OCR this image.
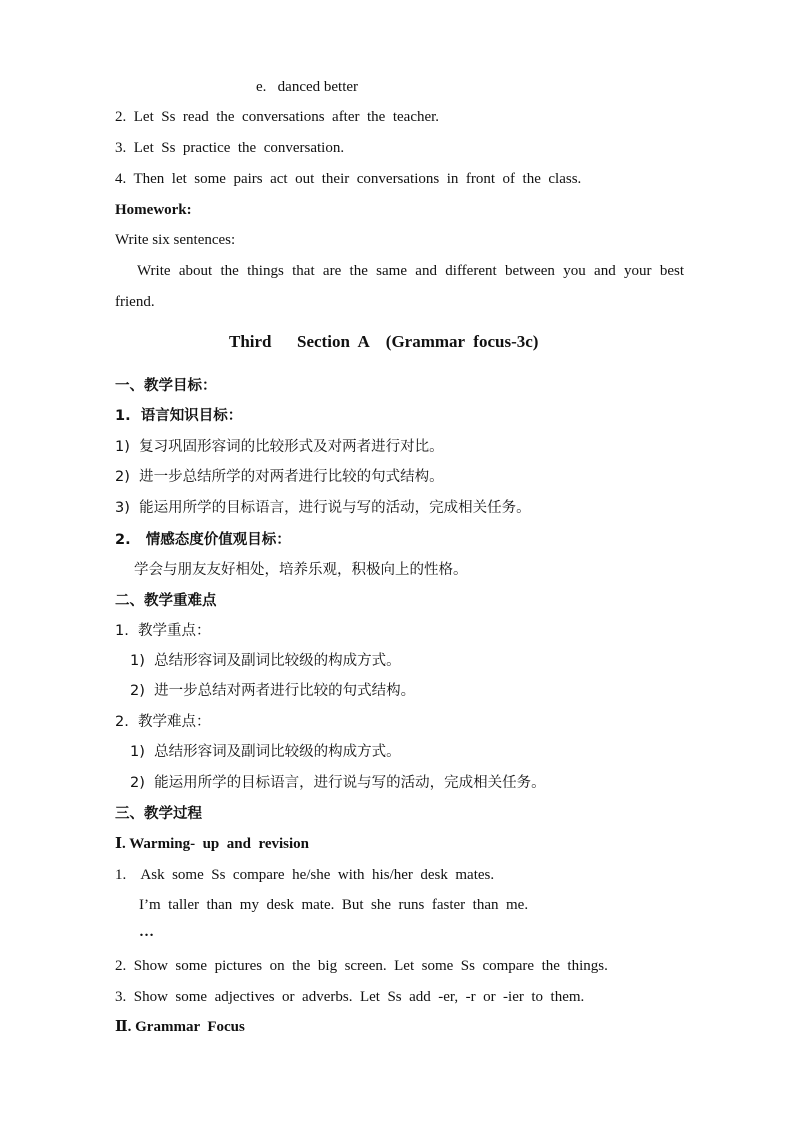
e.   danced better
2.  Let  Ss  read  the  conversations  after  the  teacher.
3.  Let  Ss  practice  the  conversation.
4.  Then  let  some  pairs  act  out  their  conversations  in  front  of  the  class.
Homework:
Write six sentences:
Write about the things that are the same and different between you and your best
friend.
Third      Section  A    (Grammar  focus-3c)
一、教学目标：
1.  语言知识目标：
1)  复习巩固形容词的比较形式及对两者进行对比。
2)  进一步总结所学的对两者进行比较的句式结构。
3)  能运用所学的目标语言，进行说与写的活动，完成相关任务。
2.   情感态度价值观目标：
学会与朋友友好相处，培养乐观，积极向上的性格。
二、教学重难点
1.  教学重点：
1)  总结形容词及副词比较级的构成方式。
2)  进一步总结对两者进行比较的句式结构。
2.  教学难点：
1)  总结形容词及副词比较级的构成方式。
2)  能运用所学的目标语言，进行说与写的活动，完成相关任务。
三、教学过程
Ⅰ. Warming-  up  and  revision
1.    Ask  some  Ss  compare  he/she  with  his/her  desk  mates.
I’m  taller  than  my  desk  mate.  But  she  runs  faster  than  me.
…
2.  Show  some  pictures  on  the  big  screen.  Let  some  Ss  compare  the  things.
3.  Show  some  adjectives  or  adverbs.  Let  Ss  add  -er,  -r  or  -ier  to  them.
Ⅱ. Grammar  Focus
